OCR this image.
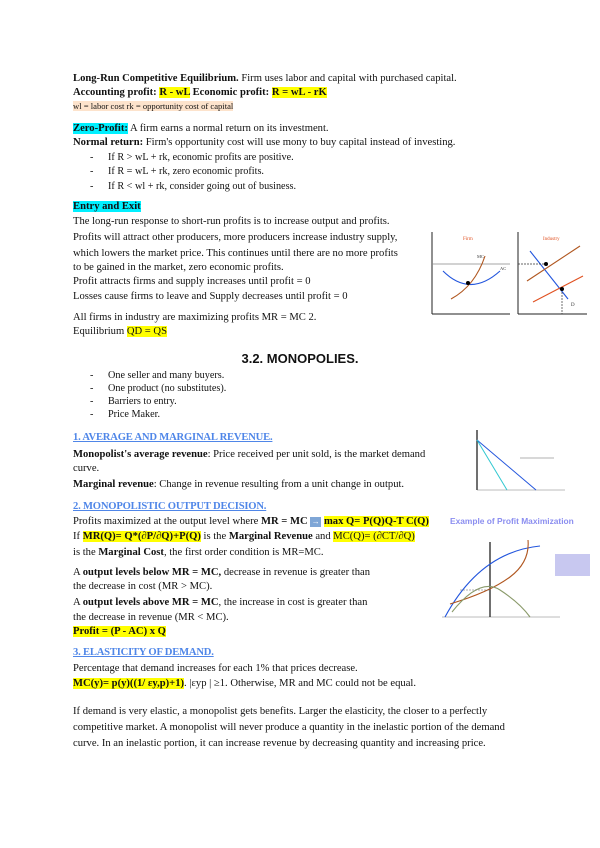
Long-Run Competitive Equilibrium. Firm uses labor and capital with purchased capital.
Accounting profit: R - wL Economic profit: R = wL - rK
wl = labor cost rk = opportunity cost of capital
Zero-Profit: A firm earns a normal return on its investment.
Normal return: Firm's opportunity cost will use mony to buy capital instead of investing.
- If R > wL + rk, economic profits are positive.
- If R = wL + rk, zero economic profits.
- If R < wl + rk, consider going out of business.
Entry and Exit
The long-run response to short-run profits is to increase output and profits.
Profits will attract other producers, more producers increase industry supply,
which lowers the market price. This continues until there are no more profits
to be gained in the market, zero economic profits.
Profit attracts firms and supply increases until profit = 0
Losses cause firms to leave and Supply decreases until profit = 0
All firms in industry are maximizing profits MR = MC 2.
Equilibrium QD = QS
Firm	Industry
MC
AC
D
3.2. MONOPOLIES.
- One seller and many buyers.
- One product (no substitutes).
- Barriers to entry.
- Price Maker.
1. AVERAGE AND MARGINAL REVENUE.
Monopolist's average revenue: Price received per unit sold, is the market demand
curve.
Marginal revenue: Change in revenue resulting from a unit change in output.
2. MONOPOLISTIC OUTPUT DECISION.
Example of Profit Maximization
Profits maximized at the output level where MR = MC → max Q= P(Q)Q-T C(Q)
If MR(Q)= Q*(∂P/∂Q)+P(Q) is the Marginal Revenue and MC(Q)= (∂CT/∂Q)
is the Marginal Cost, the first order condition is MR=MC.
A output levels below MR = MC, decrease in revenue is greater than
the decrease in cost (MR > MC).
A output levels above MR = MC, the increase in cost is greater than
the decrease in revenue (MR < MC).
Profit = (P - AC) x Q
3. ELASTICITY OF DEMAND.
Percentage that demand increases for each 1% that prices decrease.
MC(y)= p(y)((1/ εy,p)+1). |εyp | ≥1. Otherwise, MR and MC could not be equal.
If demand is very elastic, a monopolist gets benefits. Larger the elasticity, the closer to a perfectly
competitive market. A monopolist will never produce a quantity in the inelastic portion of the demand
curve. In an inelastic portion, it can increase revenue by decreasing quantity and increasing price.
